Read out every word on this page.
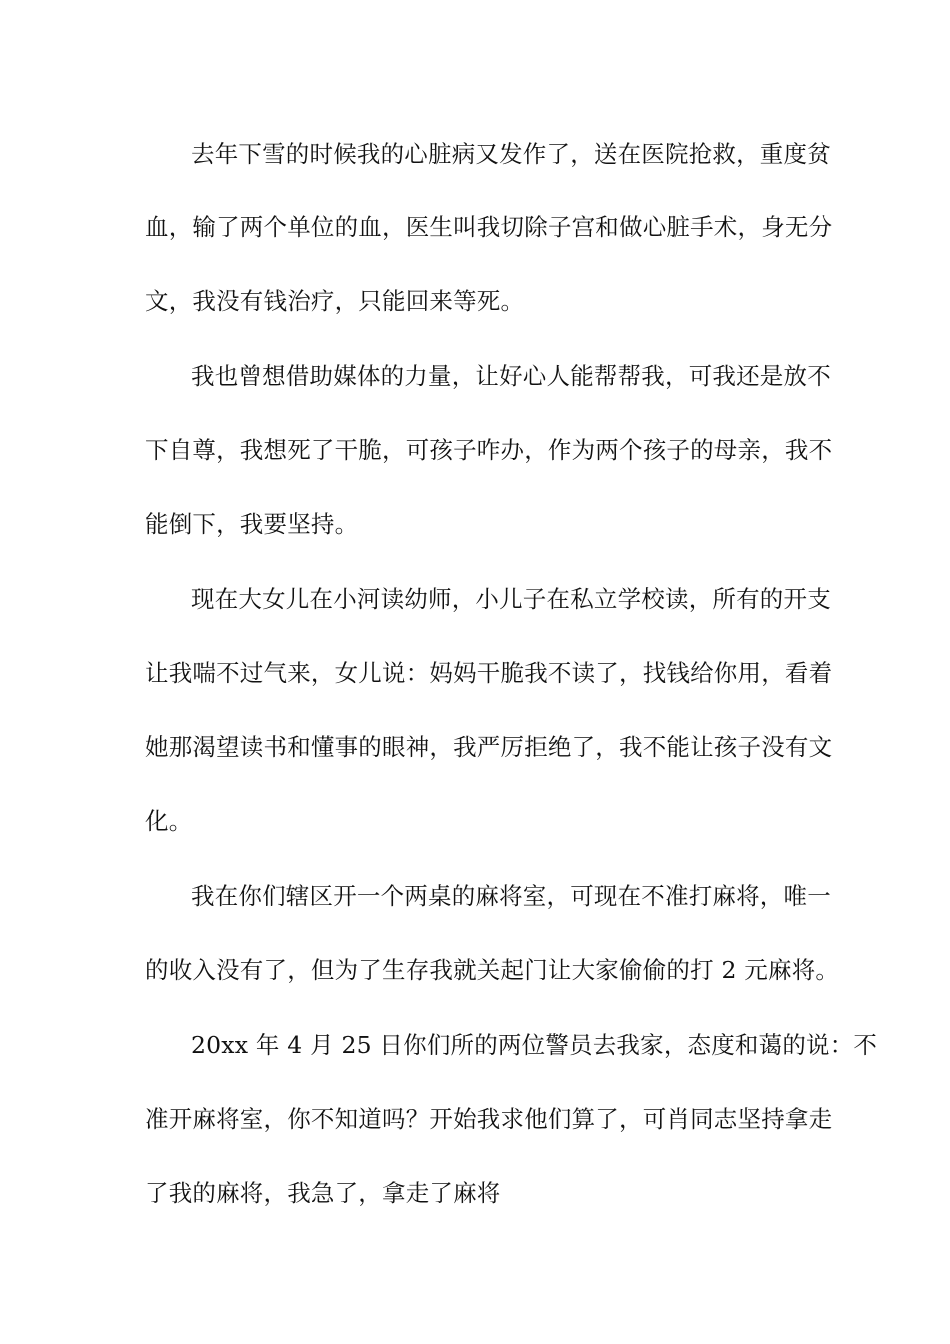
去年下雪的时候我的心脏病又发作了，送在医院抢救，重度贫
血，输了两个单位的血，医生叫我切除子宫和做心脏手术，身无分
文，我没有钱治疗，只能回来等死。
我也曾想借助媒体的力量，让好心人能帮帮我，可我还是放不
下自尊，我想死了干脆，可孩子咋办，作为两个孩子的母亲，我不
能倒下，我要坚持。
现在大女儿在小河读幼师，小儿子在私立学校读，所有的开支
让我喘不过气来，女儿说：妈妈干脆我不读了，找钱给你用，看着
她那渴望读书和懂事的眼神，我严厉拒绝了，我不能让孩子没有文
化。
我在你们辖区开一个两桌的麻将室，可现在不准打麻将，唯一
的收入没有了，但为了生存我就关起门让大家偷偷的打 2 元麻将。
20xx 年 4 月 25 日你们所的两位警员去我家，态度和蔼的说：不
准开麻将室，你不知道吗？开始我求他们算了，可肖同志坚持拿走
了我的麻将，我急了，拿走了麻将
